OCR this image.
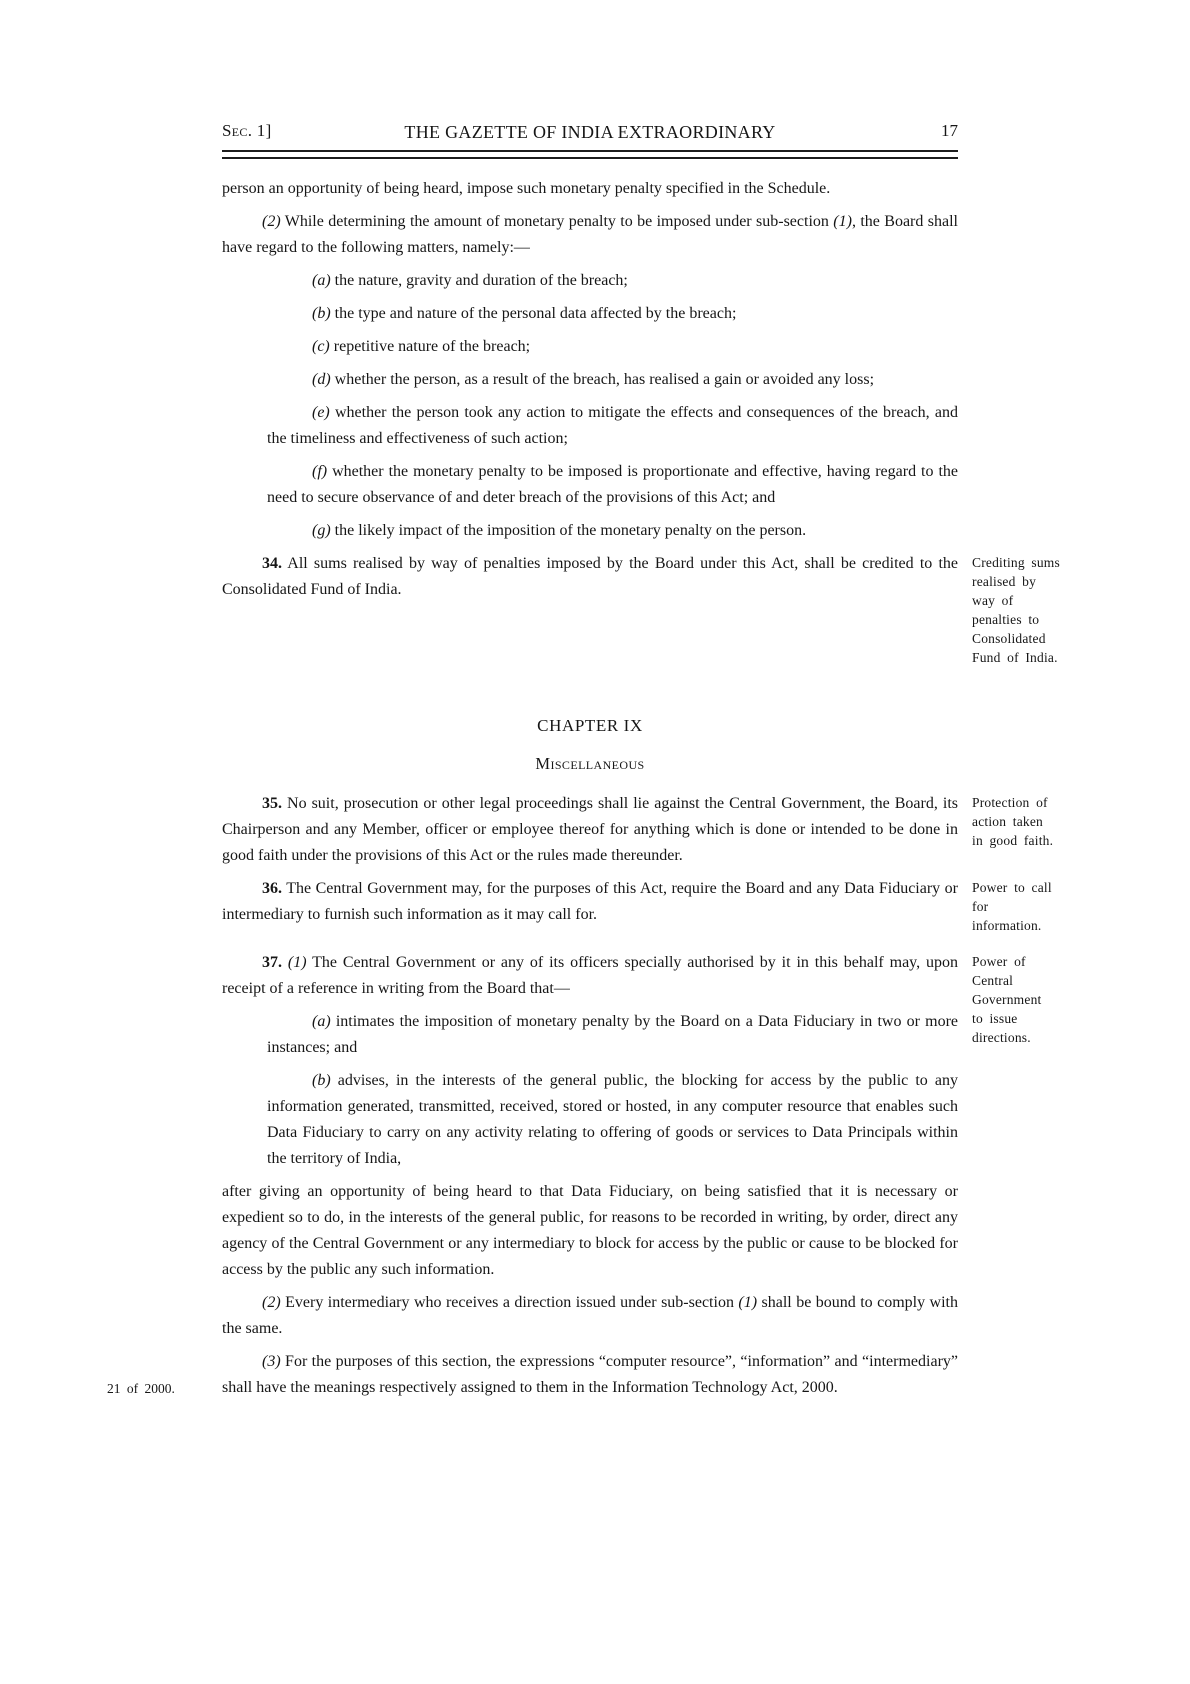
Sec. 1]	THE GAZETTE OF INDIA EXTRAORDINARY	17

person an opportunity of being heard, impose such monetary penalty specified in the Schedule.

(2) While determining the amount of monetary penalty to be imposed under sub-section (1), the Board shall have regard to the following matters, namely:—

(a) the nature, gravity and duration of the breach;

(b) the type and nature of the personal data affected by the breach;

(c) repetitive nature of the breach;

(d) whether the person, as a result of the breach, has realised a gain or avoided any loss;

(e) whether the person took any action to mitigate the effects and consequences of the breach, and the timeliness and effectiveness of such action;

(f) whether the monetary penalty to be imposed is proportionate and effective, having regard to the need to secure observance of and deter breach of the provisions of this Act; and

(g) the likely impact of the imposition of the monetary penalty on the person.

34. All sums realised by way of penalties imposed by the Board under this Act, shall be credited to the Consolidated Fund of India.

Crediting sums
realised by
way of
penalties to
Consolidated
Fund of India.

CHAPTER IX

Miscellaneous

35. No suit, prosecution or other legal proceedings shall lie against the Central Government, the Board, its Chairperson and any Member, officer or employee thereof for anything which is done or intended to be done in good faith under the provisions of this Act or the rules made thereunder.

Protection of
action taken
in good faith.

36. The Central Government may, for the purposes of this Act, require the Board and any Data Fiduciary or intermediary to furnish such information as it may call for.

Power to call
for
information.

37. (1) The Central Government or any of its officers specially authorised by it in this behalf may, upon receipt of a reference in writing from the Board that—

Power of
Central
Government
to issue
directions.

(a) intimates the imposition of monetary penalty by the Board on a Data Fiduciary in two or more instances; and

(b) advises, in the interests of the general public, the blocking for access by the public to any information generated, transmitted, received, stored or hosted, in any computer resource that enables such Data Fiduciary to carry on any activity relating to offering of goods or services to Data Principals within the territory of India,

after giving an opportunity of being heard to that Data Fiduciary, on being satisfied that it is necessary or expedient so to do, in the interests of the general public, for reasons to be recorded in writing, by order, direct any agency of the Central Government or any intermediary to block for access by the public or cause to be blocked for access by the public any such information.

(2) Every intermediary who receives a direction issued under sub-section (1) shall be bound to comply with the same.

(3) For the purposes of this section, the expressions “computer resource”, “information” and “intermediary” shall have the meanings respectively assigned to them in the Information Technology Act, 2000.

21 of 2000.
